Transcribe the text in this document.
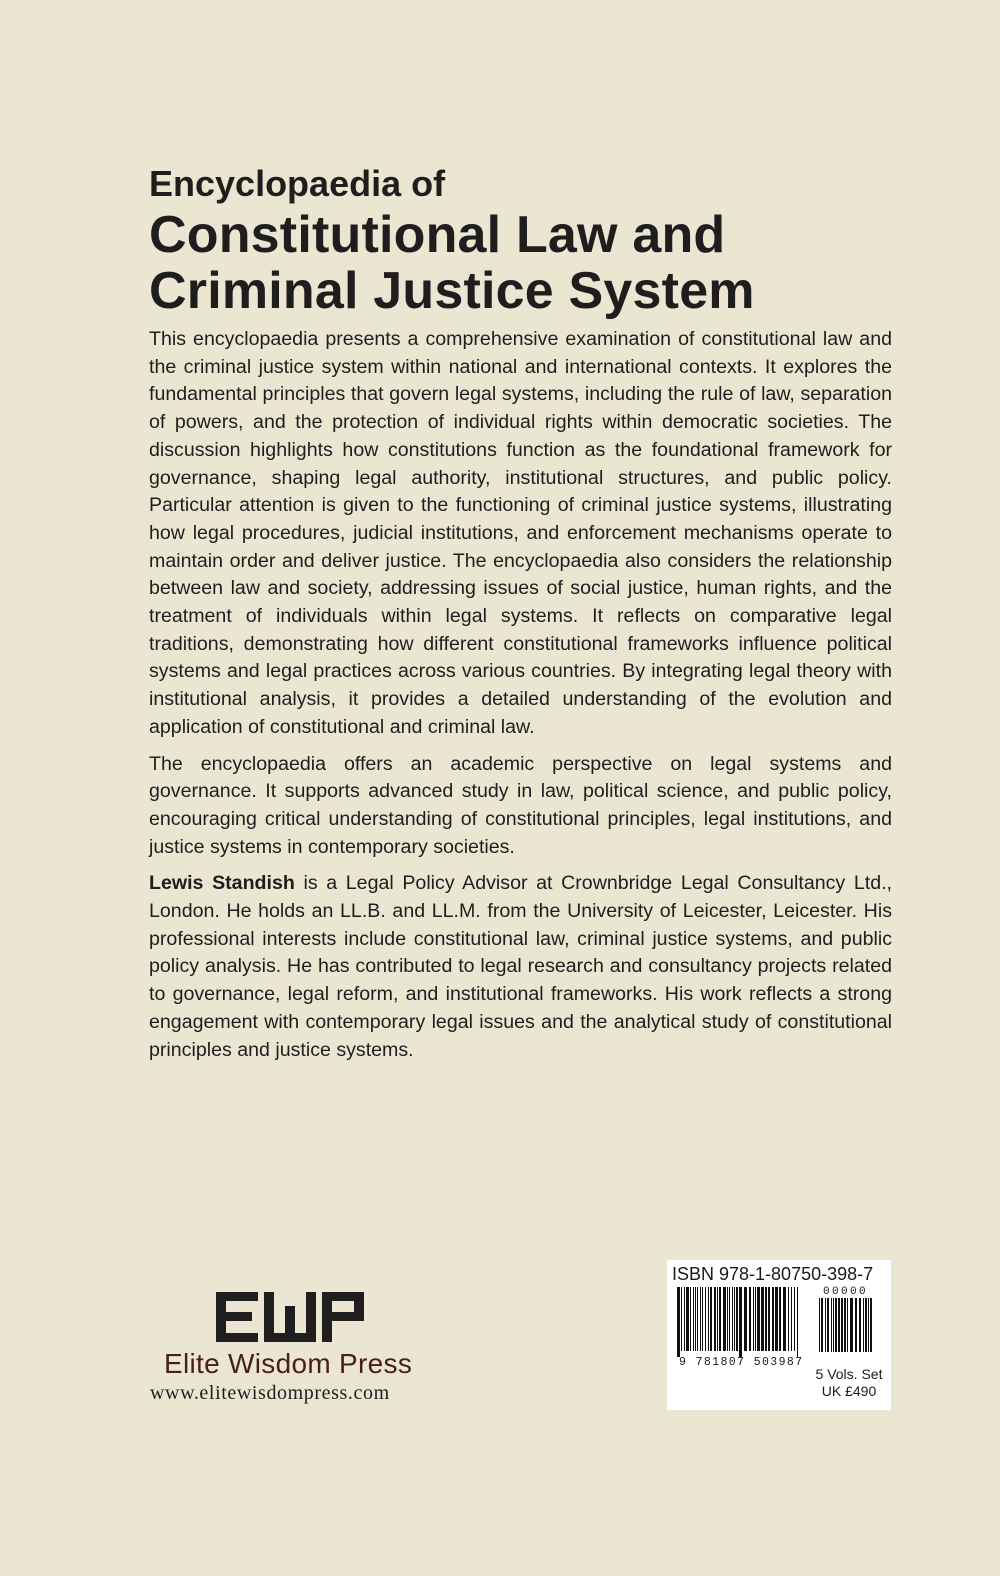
Encyclopaedia of
Constitutional Law and
Criminal Justice System

This encyclopaedia presents a comprehensive examination of constitutional law and the criminal justice system within national and international contexts. It explores the fundamental principles that govern legal systems, including the rule of law, separation of powers, and the protection of individual rights within democratic societies. The discussion highlights how constitutions function as the foundational framework for governance, shaping legal authority, institutional structures, and public policy. Particular attention is given to the functioning of criminal justice systems, illustrating how legal procedures, judicial institutions, and enforcement mechanisms operate to maintain order and deliver justice. The encyclopaedia also considers the relationship between law and society, addressing issues of social justice, human rights, and the treatment of individuals within legal systems. It reflects on comparative legal traditions, demonstrating how different constitutional frameworks influence political systems and legal practices across various countries. By integrating legal theory with institutional analysis, it provides a detailed understanding of the evolution and application of constitutional and criminal law.

The encyclopaedia offers an academic perspective on legal systems and governance. It supports advanced study in law, political science, and public policy, encouraging critical understanding of constitutional principles, legal institutions, and justice systems in contemporary societies.

Lewis Standish is a Legal Policy Advisor at Crownbridge Legal Consultancy Ltd., London. He holds an LL.B. and LL.M. from the University of Leicester, Leicester. His professional interests include constitutional law, criminal justice systems, and public policy analysis. He has contributed to legal research and consultancy projects related to governance, legal reform, and institutional frameworks. His work reflects a strong engagement with contemporary legal issues and the analytical study of constitutional principles and justice systems.

Elite Wisdom Press
www.elitewisdompress.com
ISBN 978-1-80750-398-7
9 781807 503987
00000
5 Vols. Set
UK £490
